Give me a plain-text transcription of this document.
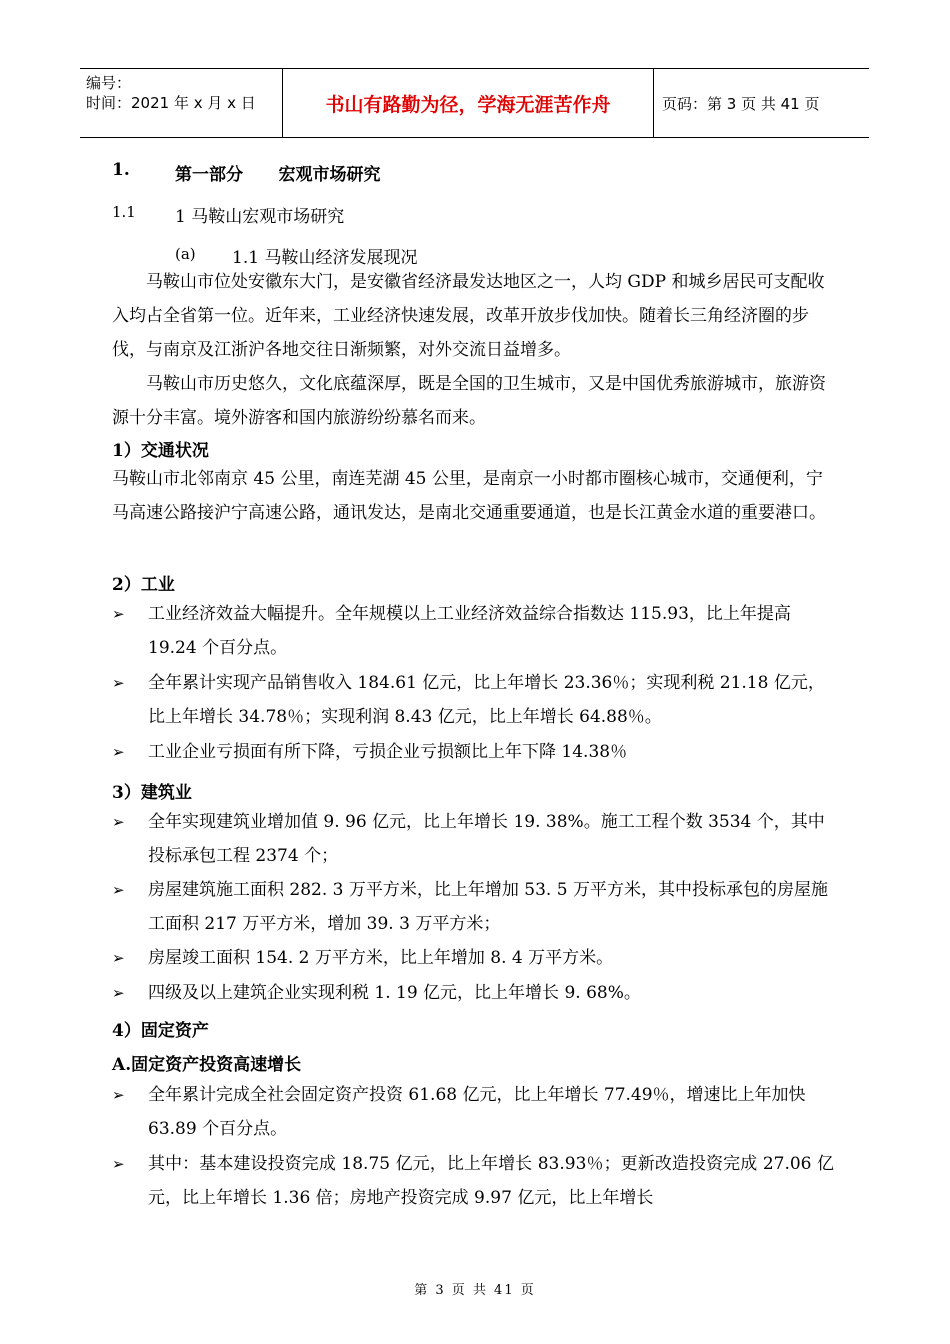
编号：
时间：2021 年 x 月 x 日	书山有路勤为径，学海无涯苦作舟	页码：第 3 页 共 41 页
1.	第一部分      宏观市场研究
1.1 1 马鞍山宏观市场研究
(a) 1.1 马鞍山经济发展现况
马鞍山市位处安徽东大门，是安徽省经济最发达地区之一，人均 GDP 和城乡居民可支配收入均占全省第一位。近年来，工业经济快速发展，改革开放步伐加快。随着长三角经济圈的步伐，与南京及江浙沪各地交往日渐频繁，对外交流日益增多。
马鞍山市历史悠久，文化底蕴深厚，既是全国的卫生城市，又是中国优秀旅游城市，旅游资源十分丰富。境外游客和国内旅游纷纷慕名而来。
1）交通状况
马鞍山市北邻南京 45 公里，南连芜湖 45 公里，是南京一小时都市圈核心城市，交通便利，宁马高速公路接沪宁高速公路，通讯发达，是南北交通重要通道，也是长江黄金水道的重要港口。
2）工业
➢	工业经济效益大幅提升。全年规模以上工业经济效益综合指数达 115.93，比上年提高 19.24 个百分点。
➢	全年累计实现产品销售收入 184.61 亿元，比上年增长 23.36％；实现利税 21.18 亿元，比上年增长 34.78％；实现利润 8.43 亿元，比上年增长 64.88％。
➢	工业企业亏损面有所下降，亏损企业亏损额比上年下降 14.38％
3）建筑业
➢	全年实现建筑业增加值 9. 96 亿元，比上年增长 19. 38%。施工工程个数 3534 个，其中投标承包工程 2374 个；
➢	房屋建筑施工面积 282. 3 万平方米，比上年增加 53. 5 万平方米，其中投标承包的房屋施工面积 217 万平方米，增加 39. 3 万平方米；
➢	房屋竣工面积 154. 2 万平方米，比上年增加 8. 4 万平方米。
➢	四级及以上建筑企业实现利税 1. 19 亿元，比上年增长 9. 68%。
4）固定资产
A.固定资产投资高速增长
➢	全年累计完成全社会固定资产投资 61.68 亿元，比上年增长 77.49％，增速比上年加快 63.89 个百分点。
➢	其中：基本建设投资完成 18.75 亿元，比上年增长 83.93％；更新改造投资完成 27.06 亿元，比上年增长 1.36 倍；房地产投资完成 9.97 亿元，比上年增长
第 3 页 共 41 页
